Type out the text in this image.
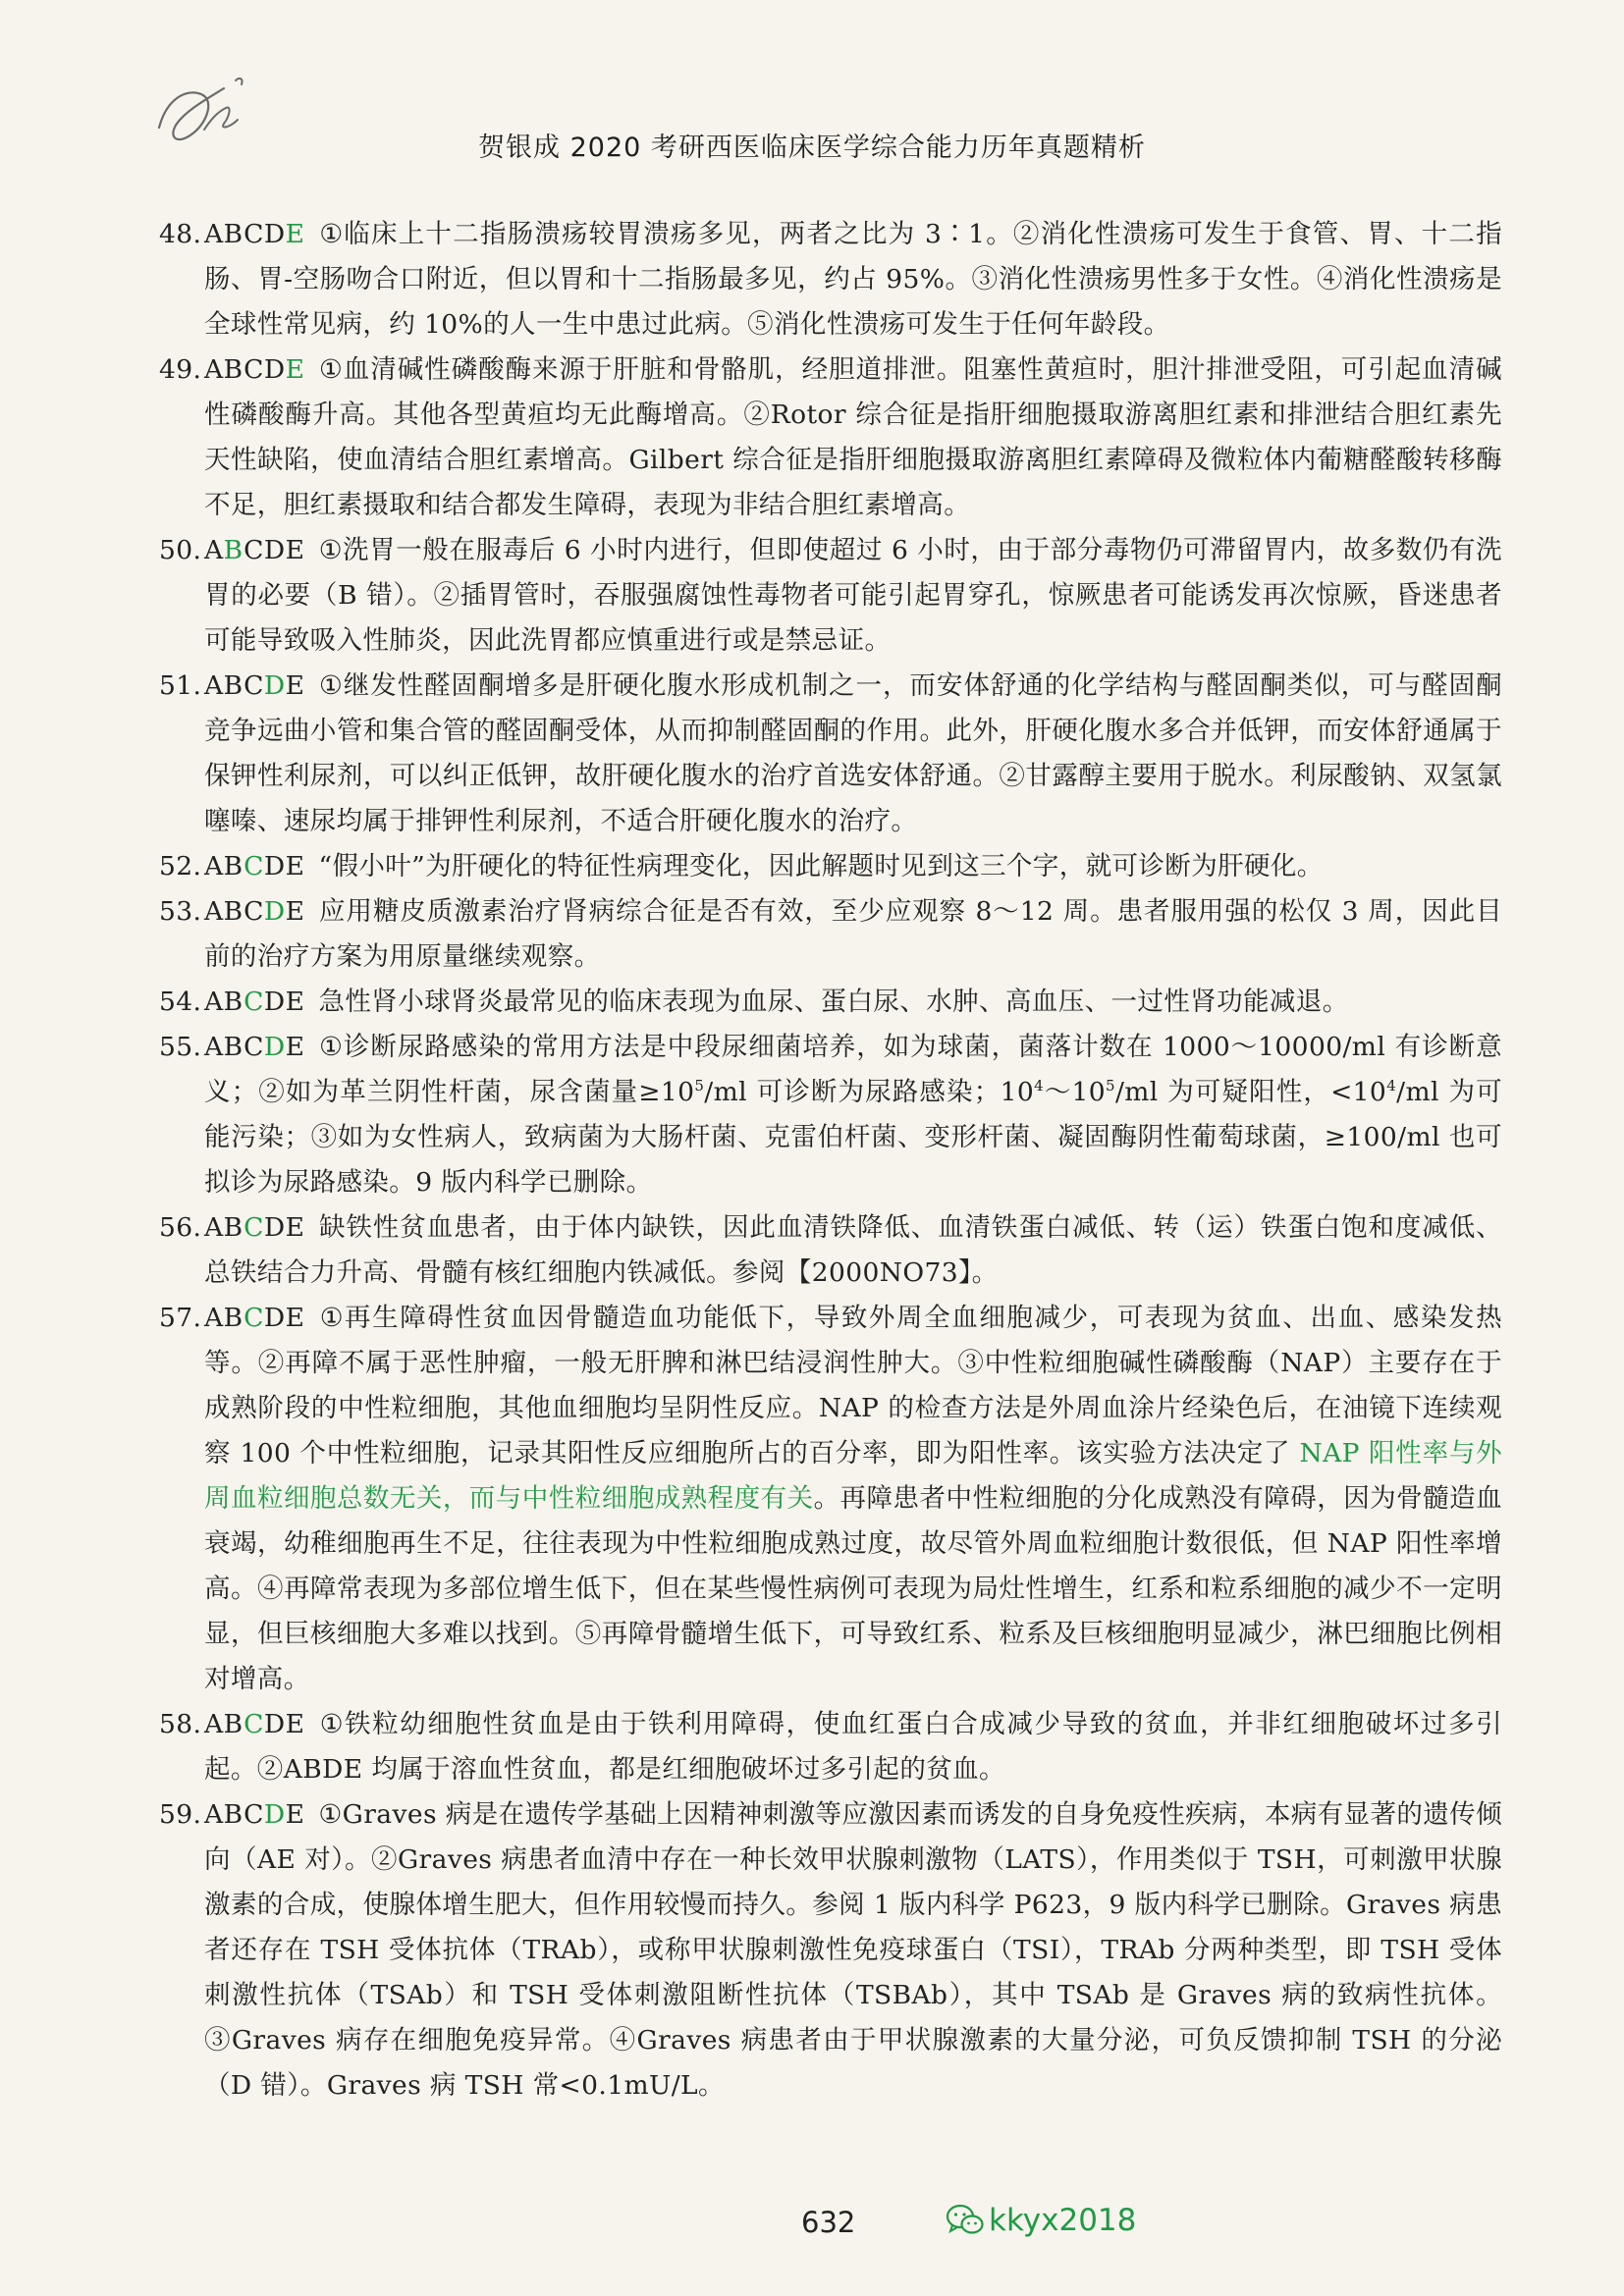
贺银成 2020 考研西医临床医学综合能力历年真题精析
48. ABCDE ①临床上十二指肠溃疡较胃溃疡多见，两者之比为 3∶1。②消化性溃疡可发生于食管、胃、十二指肠、胃-空肠吻合口附近，但以胃和十二指肠最多见，约占 95%。③消化性溃疡男性多于女性。④消化性溃疡是全球性常见病，约 10%的人一生中患过此病。⑤消化性溃疡可发生于任何年龄段。
49. ABCDE ①血清碱性磷酸酶来源于肝脏和骨骼肌，经胆道排泄。阻塞性黄疸时，胆汁排泄受阻，可引起血清碱性磷酸酶升高。其他各型黄疸均无此酶增高。②Rotor 综合征是指肝细胞摄取游离胆红素和排泄结合胆红素先天性缺陷，使血清结合胆红素增高。Gilbert 综合征是指肝细胞摄取游离胆红素障碍及微粒体内葡糖醛酸转移酶不足，胆红素摄取和结合都发生障碍，表现为非结合胆红素增高。
50. ABCDE ①洗胃一般在服毒后 6 小时内进行，但即使超过 6 小时，由于部分毒物仍可滞留胃内，故多数仍有洗胃的必要（B 错）。②插胃管时，吞服强腐蚀性毒物者可能引起胃穿孔，惊厥患者可能诱发再次惊厥，昏迷患者可能导致吸入性肺炎，因此洗胃都应慎重进行或是禁忌证。
51. ABCDE ①继发性醛固酮增多是肝硬化腹水形成机制之一，而安体舒通的化学结构与醛固酮类似，可与醛固酮竞争远曲小管和集合管的醛固酮受体，从而抑制醛固酮的作用。此外，肝硬化腹水多合并低钾，而安体舒通属于保钾性利尿剂，可以纠正低钾，故肝硬化腹水的治疗首选安体舒通。②甘露醇主要用于脱水。利尿酸钠、双氢氯噻嗪、速尿均属于排钾性利尿剂，不适合肝硬化腹水的治疗。
52. ABCDE “假小叶”为肝硬化的特征性病理变化，因此解题时见到这三个字，就可诊断为肝硬化。
53. ABCDE 应用糖皮质激素治疗肾病综合征是否有效，至少应观察 8～12 周。患者服用强的松仅 3 周，因此目前的治疗方案为用原量继续观察。
54. ABCDE 急性肾小球肾炎最常见的临床表现为血尿、蛋白尿、水肿、高血压、一过性肾功能减退。
55. ABCDE ①诊断尿路感染的常用方法是中段尿细菌培养，如为球菌，菌落计数在 1000～10000/ml 有诊断意义；②如为革兰阴性杆菌，尿含菌量$\ge 10^5/ml$ 可诊断为尿路感染；$10^4\sim 10^5/ml$ 为可疑阳性，$<10^4/ml$ 为可能污染；③如为女性病人，致病菌为大肠杆菌、克雷伯杆菌、变形杆菌、凝固酶阴性葡萄球菌，≥100/ml 也可拟诊为尿路感染。9 版内科学已删除。
56. ABCDE 缺铁性贫血患者，由于体内缺铁，因此血清铁降低、血清铁蛋白减低、转（运）铁蛋白饱和度减低、总铁结合力升高、骨髓有核红细胞内铁减低。参阅【2000NO73】。
57. ABCDE ①再生障碍性贫血因骨髓造血功能低下，导致外周全血细胞减少，可表现为贫血、出血、感染发热等。②再障不属于恶性肿瘤，一般无肝脾和淋巴结浸润性肿大。③中性粒细胞碱性磷酸酶（NAP）主要存在于成熟阶段的中性粒细胞，其他血细胞均呈阴性反应。NAP 的检查方法是外周血涂片经染色后，在油镜下连续观察 100 个中性粒细胞，记录其阳性反应细胞所占的百分率，即为阳性率。该实验方法决定了 NAP 阳性率与外周血粒细胞总数无关，而与中性粒细胞成熟程度有关。再障患者中性粒细胞的分化成熟没有障碍，因为骨髓造血衰竭，幼稚细胞再生不足，往往表现为中性粒细胞成熟过度，故尽管外周血粒细胞计数很低，但 NAP 阳性率增高。④再障常表现为多部位增生低下，但在某些慢性病例可表现为局灶性增生，红系和粒系细胞的减少不一定明显，但巨核细胞大多难以找到。⑤再障骨髓增生低下，可导致红系、粒系及巨核细胞明显减少，淋巴细胞比例相对增高。
58. ABCDE ①铁粒幼细胞性贫血是由于铁利用障碍，使血红蛋白合成减少导致的贫血，并非红细胞破坏过多引起。②ABDE 均属于溶血性贫血，都是红细胞破坏过多引起的贫血。
59. ABCDE ①Graves 病是在遗传学基础上因精神刺激等应激因素而诱发的自身免疫性疾病，本病有显著的遗传倾向（AE 对）。②Graves 病患者血清中存在一种长效甲状腺刺激物（LATS），作用类似于 TSH，可刺激甲状腺激素的合成，使腺体增生肥大，但作用较慢而持久。参阅 1 版内科学 P623，9 版内科学已删除。Graves 病患者还存在 TSH 受体抗体（TRAb），或称甲状腺刺激性免疫球蛋白（TSI），TRAb 分两种类型，即 TSH 受体刺激性抗体（TSAb）和 TSH 受体刺激阻断性抗体（TSBAb），其中 TSAb 是 Graves 病的致病性抗体。③Graves 病存在细胞免疫异常。④Graves 病患者由于甲状腺激素的大量分泌，可负反馈抑制 TSH 的分泌（D 错）。Graves 病 TSH 常<0.1mU/L。
632	kkyx2018
